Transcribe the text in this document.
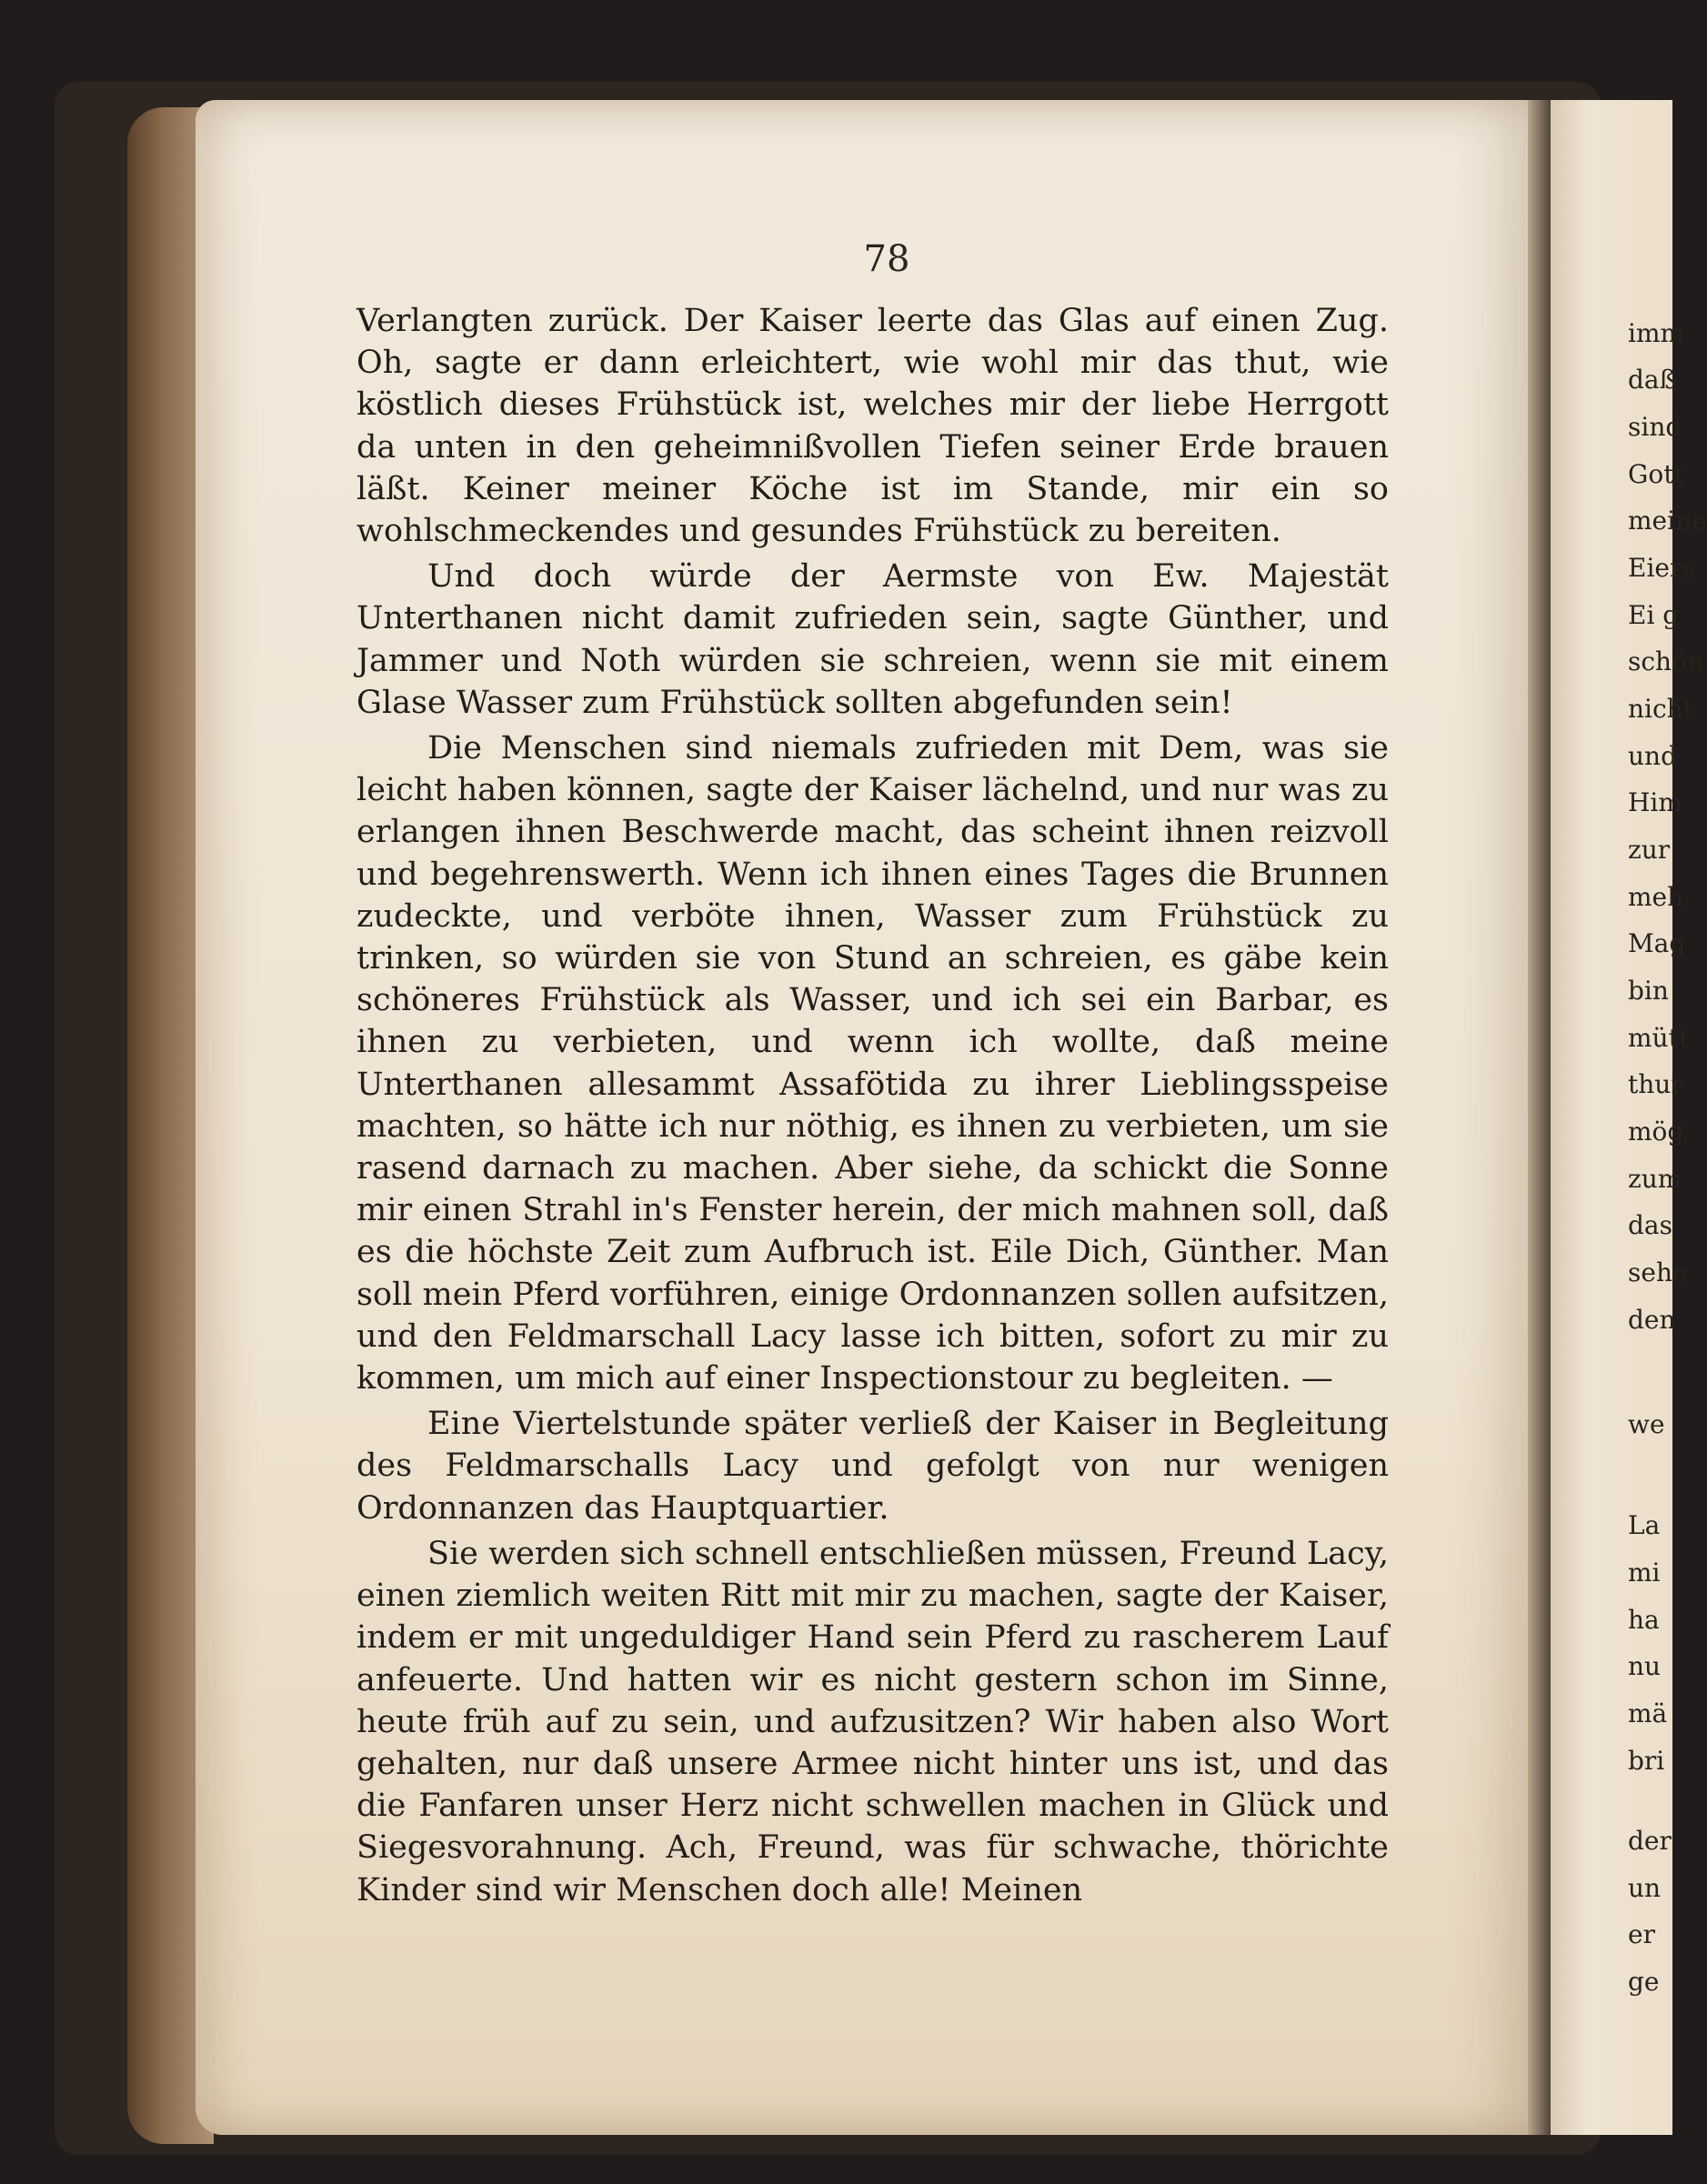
78

Verlangten zurück. Der Kaiser leerte das Glas auf einen Zug. Oh, sagte er dann erleichtert, wie wohl mir das thut, wie köstlich dieses Frühstück ist, welches mir der liebe Herrgott da unten in den geheimnißvollen Tiefen seiner Erde brauen läßt. Keiner meiner Köche ist im Stande, mir ein so wohlschmeckendes und gesundes Frühstück zu bereiten.

Und doch würde der Aermste von Ew. Majestät Unterthanen nicht damit zufrieden sein, sagte Günther, und Jammer und Noth würden sie schreien, wenn sie mit einem Glase Wasser zum Frühstück sollten abgefunden sein!

Die Menschen sind niemals zufrieden mit Dem, was sie leicht haben können, sagte der Kaiser lächelnd, und nur was zu erlangen ihnen Beschwerde macht, das scheint ihnen reizvoll und begehrenswerth. Wenn ich ihnen eines Tages die Brunnen zudeckte, und verböte ihnen, Wasser zum Frühstück zu trinken, so würden sie von Stund an schreien, es gäbe kein schöneres Frühstück als Wasser, und ich sei ein Barbar, es ihnen zu verbieten, und wenn ich wollte, daß meine Unterthanen allesammt Assafötida zu ihrer Lieblingsspeise machten, so hätte ich nur nöthig, es ihnen zu verbieten, um sie rasend darnach zu machen. Aber siehe, da schickt die Sonne mir einen Strahl in's Fenster herein, der mich mahnen soll, daß es die höchste Zeit zum Aufbruch ist. Eile Dich, Günther. Man soll mein Pferd vorführen, einige Ordonnanzen sollen aufsitzen, und den Feldmarschall Lacy lasse ich bitten, sofort zu mir zu kommen, um mich auf einer Inspectionstour zu begleiten. —

Eine Viertelstunde später verließ der Kaiser in Begleitung des Feldmarschalls Lacy und gefolgt von nur wenigen Ordonnanzen das Hauptquartier.

Sie werden sich schnell entschließen müssen, Freund Lacy, einen ziemlich weiten Ritt mit mir zu machen, sagte der Kaiser, indem er mit ungeduldiger Hand sein Pferd zu rascherem Lauf anfeuerte. Und hatten wir es nicht gestern schon im Sinne, heute früh auf zu sein, und aufzusitzen? Wir haben also Wort gehalten, nur daß unsere Armee nicht hinter uns ist, und das die Fanfaren unser Herz nicht schwellen machen in Glück und Siegesvorahnung. Ach, Freund, was für schwache, thörichte Kinder sind wir Menschen doch alle! Meinen

imm
daß
sind
Gott
meine
Eiers
Ei g
schön
nicht
und
Him
zur
meh
Mag
bin
mütt
thur
mög
zum
das
sehe
den
we
La
mi
ha
nu
mä
bri
der
un
er
ge
